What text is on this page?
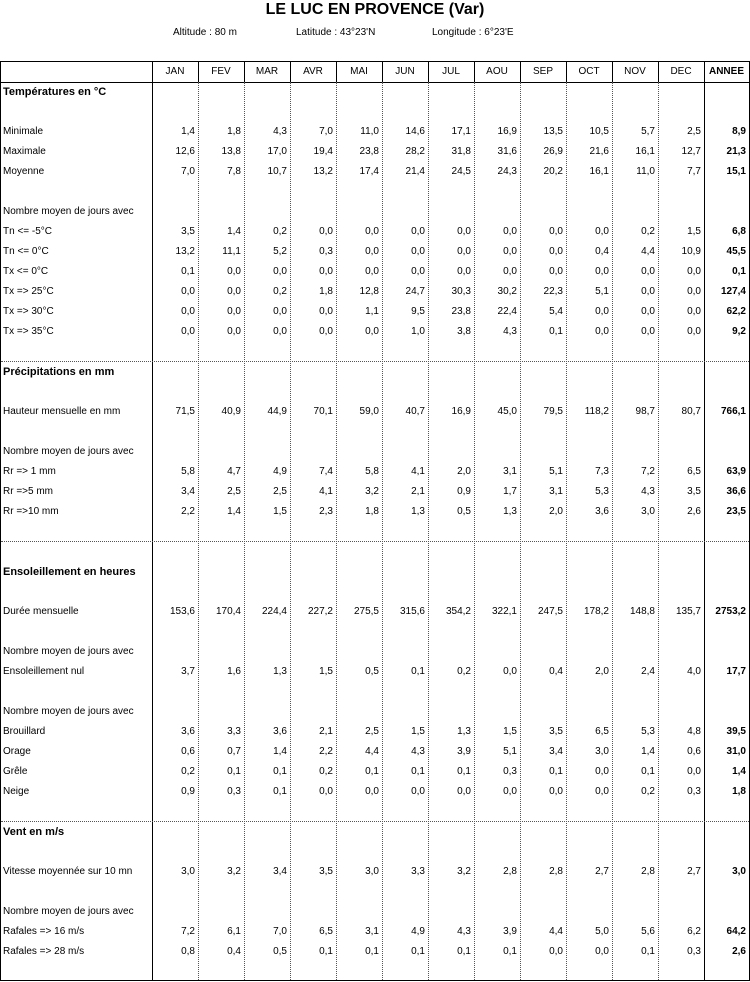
LE LUC EN PROVENCE (Var)
Altitude : 80 m	Latitude : 43°23'N	Longitude : 6°23'E
JAN	FEV	MAR	AVR	MAI	JUN	JUL	AOU	SEP	OCT	NOV	DEC	ANNEE
Températures en °C
Minimale	1,4	1,8	4,3	7,0	11,0	14,6	17,1	16,9	13,5	10,5	5,7	2,5	8,9
Maximale	12,6	13,8	17,0	19,4	23,8	28,2	31,8	31,6	26,9	21,6	16,1	12,7	21,3
Moyenne	7,0	7,8	10,7	13,2	17,4	21,4	24,5	24,3	20,2	16,1	11,0	7,7	15,1
Nombre moyen de jours avec
Tn <= -5°C	3,5	1,4	0,2	0,0	0,0	0,0	0,0	0,0	0,0	0,0	0,2	1,5	6,8
Tn <= 0°C	13,2	11,1	5,2	0,3	0,0	0,0	0,0	0,0	0,0	0,4	4,4	10,9	45,5
Tx <= 0°C	0,1	0,0	0,0	0,0	0,0	0,0	0,0	0,0	0,0	0,0	0,0	0,0	0,1
Tx => 25°C	0,0	0,0	0,2	1,8	12,8	24,7	30,3	30,2	22,3	5,1	0,0	0,0	127,4
Tx => 30°C	0,0	0,0	0,0	0,0	1,1	9,5	23,8	22,4	5,4	0,0	0,0	0,0	62,2
Tx => 35°C	0,0	0,0	0,0	0,0	0,0	1,0	3,8	4,3	0,1	0,0	0,0	0,0	9,2
Précipitations en mm
Hauteur mensuelle en mm	71,5	40,9	44,9	70,1	59,0	40,7	16,9	45,0	79,5	118,2	98,7	80,7	766,1
Nombre moyen de jours avec
Rr => 1 mm	5,8	4,7	4,9	7,4	5,8	4,1	2,0	3,1	5,1	7,3	7,2	6,5	63,9
Rr =>5 mm	3,4	2,5	2,5	4,1	3,2	2,1	0,9	1,7	3,1	5,3	4,3	3,5	36,6
Rr =>10 mm	2,2	1,4	1,5	2,3	1,8	1,3	0,5	1,3	2,0	3,6	3,0	2,6	23,5
Ensoleillement en heures
Durée mensuelle	153,6	170,4	224,4	227,2	275,5	315,6	354,2	322,1	247,5	178,2	148,8	135,7	2753,2
Nombre moyen de jours avec
Ensoleillement nul	3,7	1,6	1,3	1,5	0,5	0,1	0,2	0,0	0,4	2,0	2,4	4,0	17,7
Nombre moyen de jours avec
Brouillard	3,6	3,3	3,6	2,1	2,5	1,5	1,3	1,5	3,5	6,5	5,3	4,8	39,5
Orage	0,6	0,7	1,4	2,2	4,4	4,3	3,9	5,1	3,4	3,0	1,4	0,6	31,0
Grêle	0,2	0,1	0,1	0,2	0,1	0,1	0,1	0,3	0,1	0,0	0,1	0,0	1,4
Neige	0,9	0,3	0,1	0,0	0,0	0,0	0,0	0,0	0,0	0,0	0,2	0,3	1,8
Vent en m/s
Vitesse moyennée sur 10 mn	3,0	3,2	3,4	3,5	3,0	3,3	3,2	2,8	2,8	2,7	2,8	2,7	3,0
Nombre moyen de jours avec
Rafales => 16 m/s	7,2	6,1	7,0	6,5	3,1	4,9	4,3	3,9	4,4	5,0	5,6	6,2	64,2
Rafales => 28 m/s	0,8	0,4	0,5	0,1	0,1	0,1	0,1	0,1	0,0	0,0	0,1	0,3	2,6
